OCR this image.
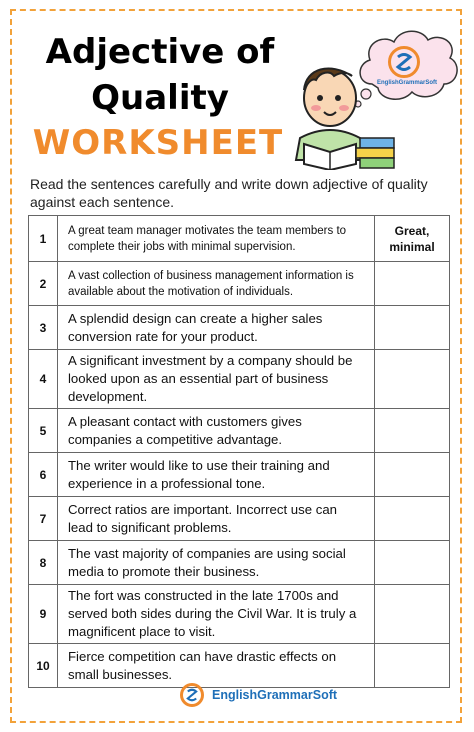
Adjective of
Quality
WORKSHEET
EnglishGrammarSoft
Read the sentences carefully and write down adjective of quality against each sentence.
1	A great team manager motivates the team members to complete their jobs with minimal supervision.	Great, minimal
2	A vast collection of business management information is available about the motivation of individuals.	
3	A splendid design can create a higher sales conversion rate for your product.	
4	A significant investment by a company should be looked upon as an essential part of business development.	
5	A pleasant contact with customers gives companies a competitive advantage.	
6	The writer would like to use their training and experience in a professional tone.	
7	Correct ratios are important. Incorrect use can lead to significant problems.	
8	The vast majority of companies are using social media to promote their business.	
9	The fort was constructed in the late 1700s and served both sides during the Civil War. It is truly a magnificent place to visit.	
10	Fierce competition can have drastic effects on small businesses.	
EnglishGrammarSoft
